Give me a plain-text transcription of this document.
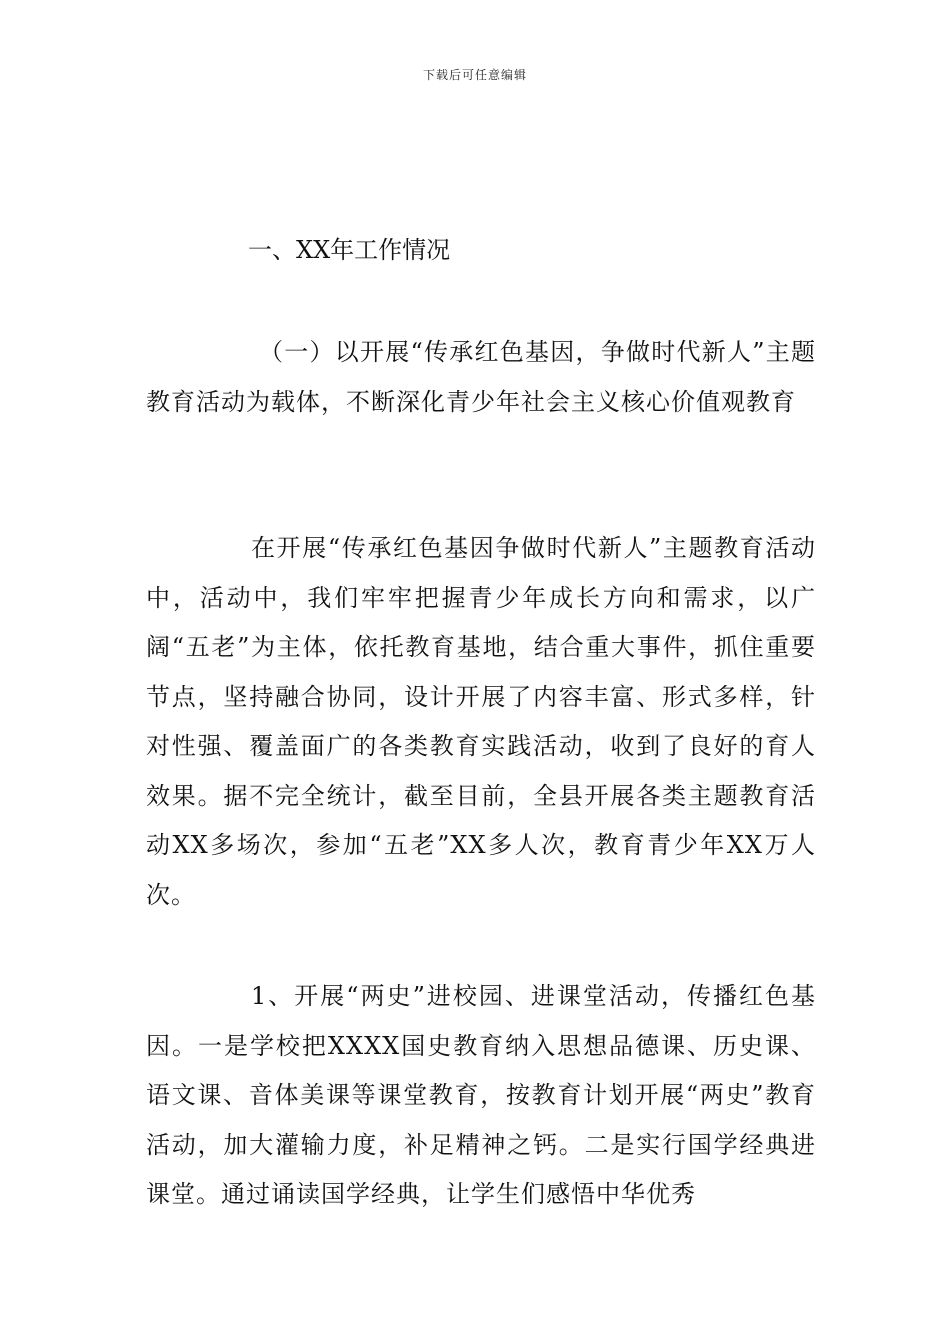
下载后可任意编辑
一、XX年工作情况

（一）以开展“传承红色基因，争做时代新人”主题教育活动为载体，不断深化青少年社会主义核心价值观教育

在开展“传承红色基因争做时代新人”主题教育活动中，活动中，我们牢牢把握青少年成长方向和需求，以广阔“五老”为主体，依托教育基地，结合重大事件，抓住重要节点，坚持融合协同，设计开展了内容丰富、形式多样，针对性强、覆盖面广的各类教育实践活动，收到了良好的育人效果。据不完全统计，截至目前，全县开展各类主题教育活动XX多场次，参加“五老”XX多人次，教育青少年XX万人次。

1、开展“两史”进校园、进课堂活动，传播红色基因。一是学校把XXXX国史教育纳入思想品德课、历史课、语文课、音体美课等课堂教育，按教育计划开展“两史”教育活动，加大灌输力度，补足精神之钙。二是实行国学经典进课堂。通过诵读国学经典，让学生们感悟中华优秀
